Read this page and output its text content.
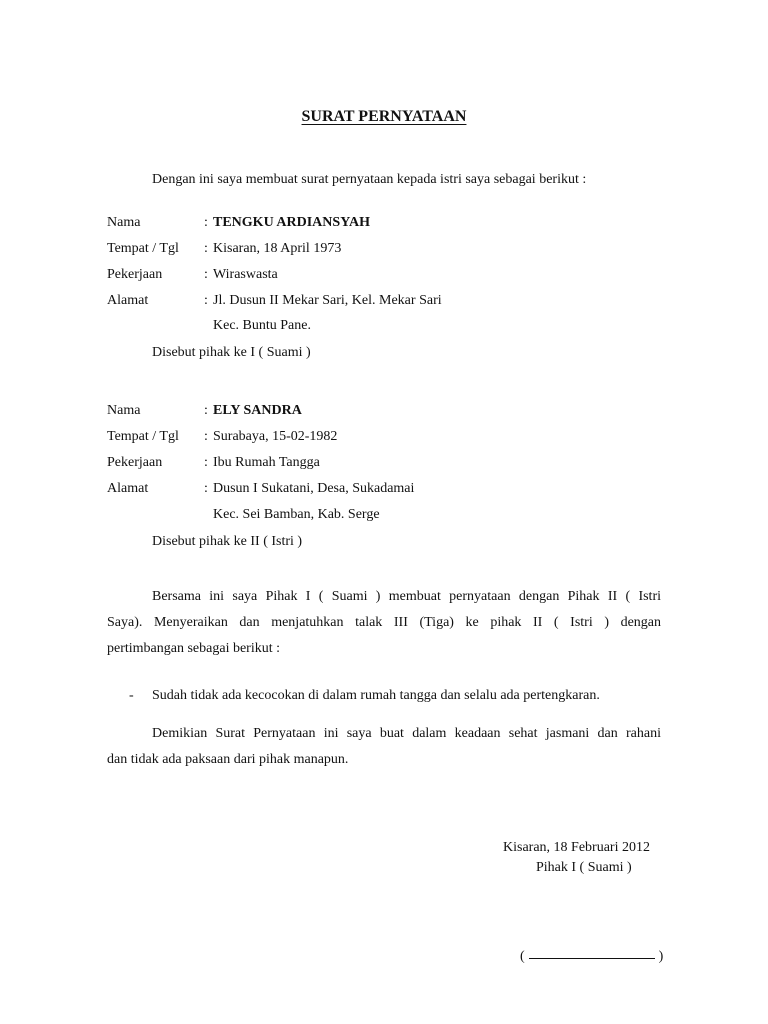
SURAT PERNYATAAN
Dengan ini saya membuat surat pernyataan kepada istri saya sebagai berikut :
Nama	: TENGKU ARDIANSYAH
Tempat / Tgl : Kisaran, 18 April 1973
Pekerjaan	: Wiraswasta
Alamat	: Jl. Dusun II Mekar Sari, Kel. Mekar Sari
Kec. Buntu Pane.
Disebut pihak ke I ( Suami )
Nama	: ELY SANDRA
Tempat / Tgl : Surabaya, 15-02-1982
Pekerjaan	: Ibu Rumah Tangga
Alamat	: Dusun I Sukatani, Desa, Sukadamai
Kec. Sei Bamban, Kab. Serge
Disebut pihak ke II ( Istri )
Bersama ini saya Pihak I ( Suami ) membuat pernyataan dengan Pihak II ( Istri
Saya). Menyeraikan dan menjatuhkan talak III (Tiga) ke pihak II ( Istri ) dengan
pertimbangan sebagai berikut :
- Sudah tidak ada kecocokan di dalam rumah tangga dan selalu ada pertengkaran.
Demikian Surat Pernyataan ini saya buat dalam keadaan sehat jasmani dan rahani
dan tidak ada paksaan dari pihak manapun.
Kisaran, 18 Februari 2012
Pihak I ( Suami )
(	)
